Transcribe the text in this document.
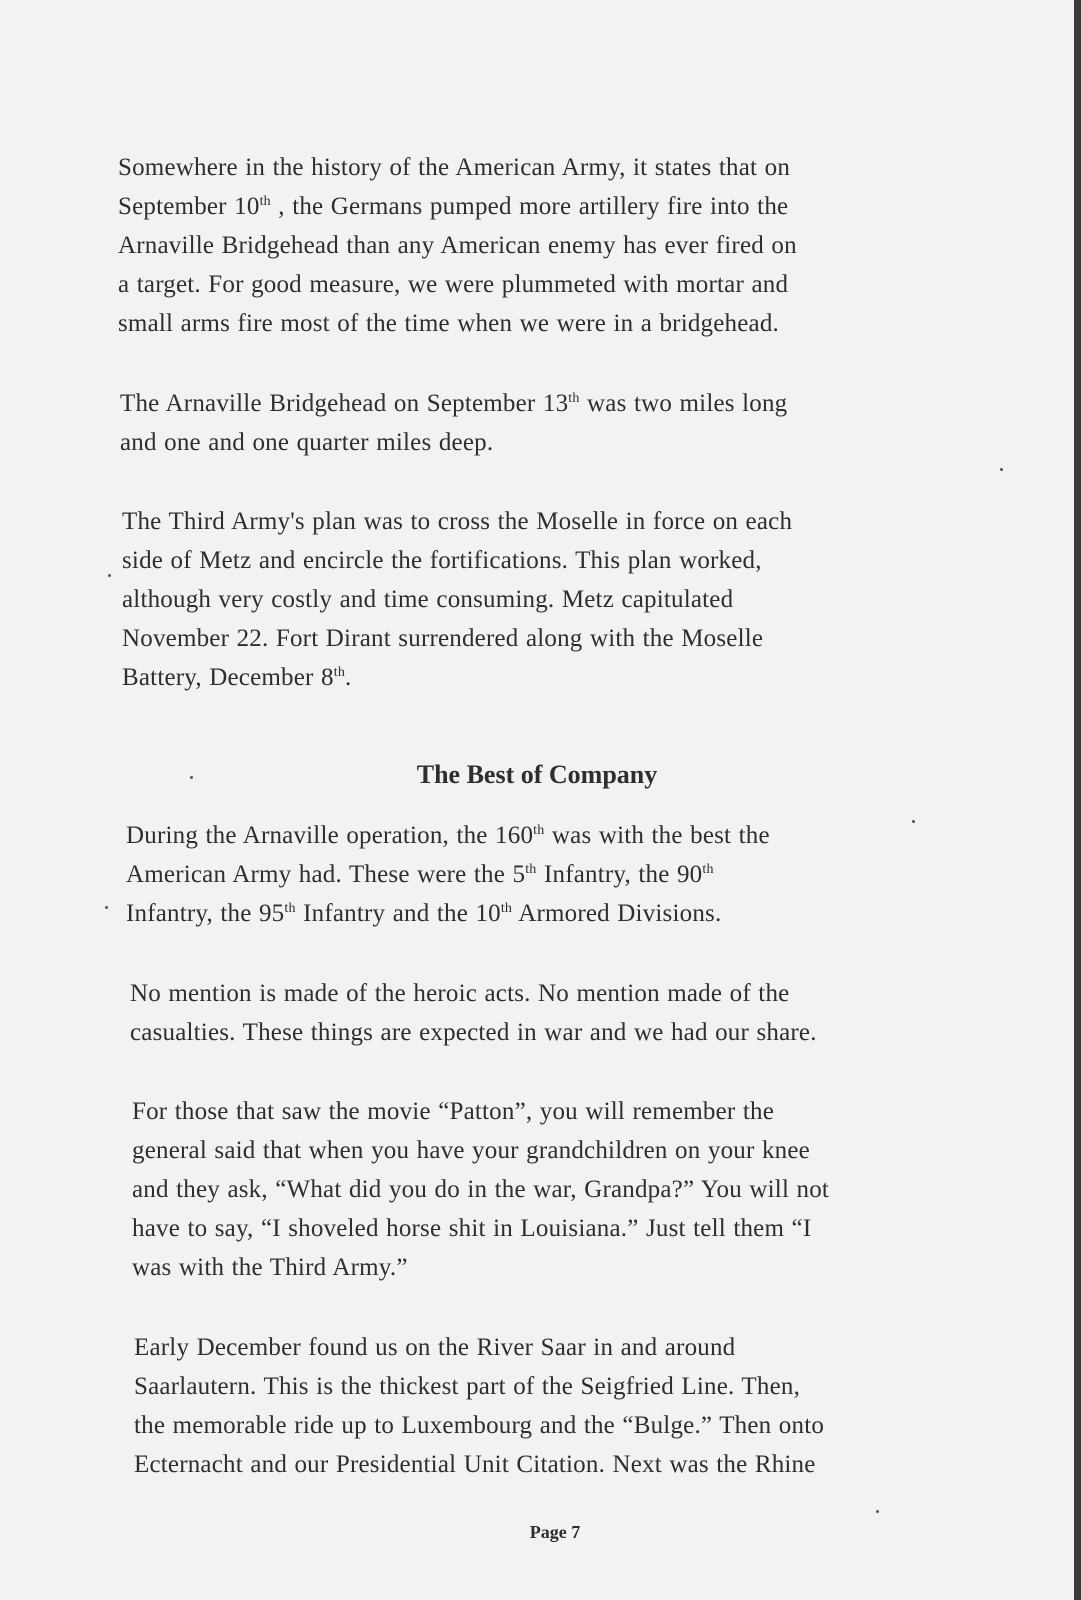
Somewhere in the history of the American Army, it states that on
September 10th , the Germans pumped more artillery fire into the
Arnaville Bridgehead than any American enemy has ever fired on
a target. For good measure, we were plummeted with mortar and
small arms fire most of the time when we were in a bridgehead.

The Arnaville Bridgehead on September 13th was two miles long
and one and one quarter miles deep.

The Third Army's plan was to cross the Moselle in force on each
side of Metz and encircle the fortifications. This plan worked,
although very costly and time consuming. Metz capitulated
November 22. Fort Dirant surrendered along with the Moselle
Battery, December 8th.

The Best of Company

During the Arnaville operation, the 160th was with the best the
American Army had. These were the 5th Infantry, the 90th
Infantry, the 95th Infantry and the 10th Armored Divisions.

No mention is made of the heroic acts. No mention made of the
casualties. These things are expected in war and we had our share.

For those that saw the movie “Patton”, you will remember the
general said that when you have your grandchildren on your knee
and they ask, “What did you do in the war, Grandpa?” You will not
have to say, “I shoveled horse shit in Louisiana.” Just tell them “I
was with the Third Army.”

Early December found us on the River Saar in and around
Saarlautern. This is the thickest part of the Seigfried Line. Then,
the memorable ride up to Luxembourg and the “Bulge.” Then onto
Ecternacht and our Presidential Unit Citation. Next was the Rhine

Page 7
